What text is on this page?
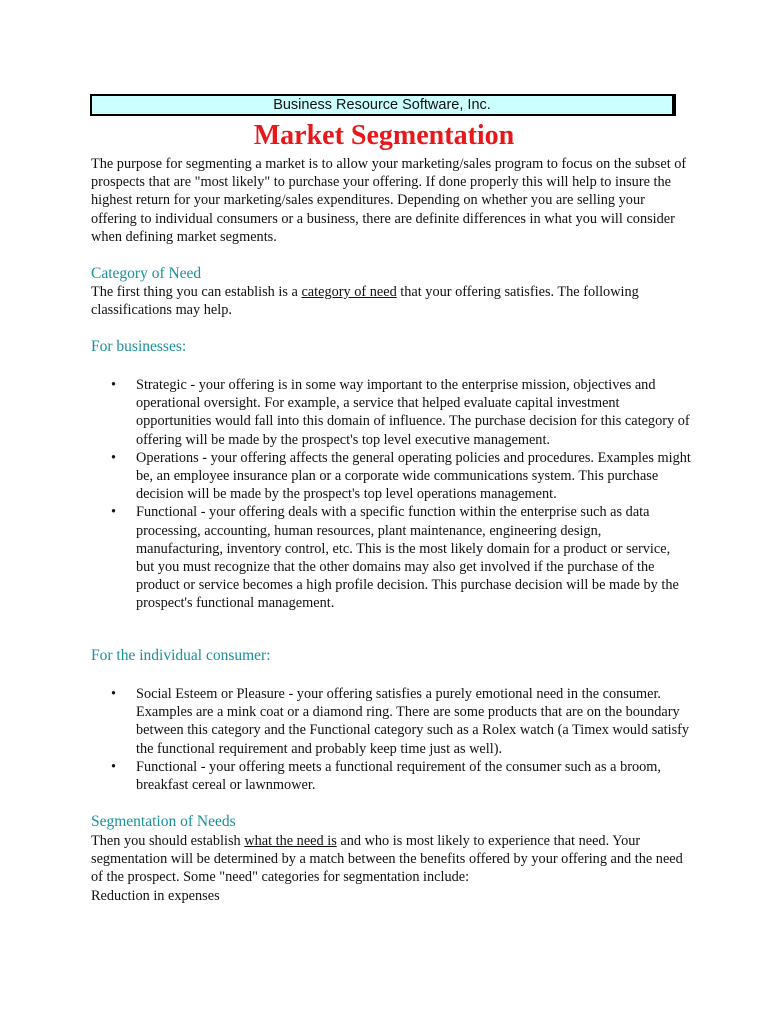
Business Resource Software, Inc.
Market Segmentation

The purpose for segmenting a market is to allow your marketing/sales program to focus on the subset of prospects that are "most likely" to purchase your offering. If done properly this will help to insure the highest return for your marketing/sales expenditures. Depending on whether you are selling your offering to individual consumers or a business, there are definite differences in what you will consider when defining market segments.

Category of Need

The first thing you can establish is a category of need that your offering satisfies. The following classifications may help.

For businesses:

• Strategic - your offering is in some way important to the enterprise mission, objectives and operational oversight. For example, a service that helped evaluate capital investment opportunities would fall into this domain of influence. The purchase decision for this category of offering will be made by the prospect's top level executive management.
• Operations - your offering affects the general operating policies and procedures. Examples might be, an employee insurance plan or a corporate wide communications system. This purchase decision will be made by the prospect's top level operations management.
• Functional - your offering deals with a specific function within the enterprise such as data processing, accounting, human resources, plant maintenance, engineering design, manufacturing, inventory control, etc. This is the most likely domain for a product or service, but you must recognize that the other domains may also get involved if the purchase of the product or service becomes a high profile decision. This purchase decision will be made by the prospect's functional management.

For the individual consumer:

• Social Esteem or Pleasure - your offering satisfies a purely emotional need in the consumer. Examples are a mink coat or a diamond ring. There are some products that are on the boundary between this category and the Functional category such as a Rolex watch (a Timex would satisfy the functional requirement and probably keep time just as well).
• Functional - your offering meets a functional requirement of the consumer such as a broom, breakfast cereal or lawnmower.

Segmentation of Needs

Then you should establish what the need is and who is most likely to experience that need. Your segmentation will be determined by a match between the benefits offered by your offering and the need of the prospect. Some "need" categories for segmentation include:
Reduction in expenses
